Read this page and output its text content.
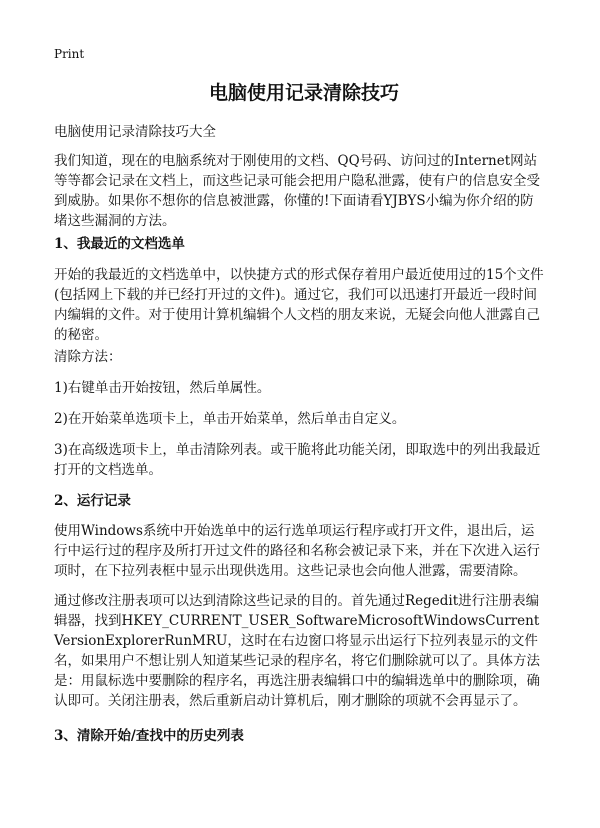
Print
电脑使用记录清除技巧
电脑使用记录清除技巧大全

我们知道，现在的电脑系统对于刚使用的文档、QQ号码、访问过的Internet网站等等都会记录在文档上，而这些记录可能会把用户隐私泄露，使有户的信息安全受到威胁。如果你不想你的信息被泄露，你懂的!下面请看YJBYS小编为你介绍的防堵这些漏洞的方法。

1、我最近的文档选单

开始的我最近的文档选单中，以快捷方式的形式保存着用户最近使用过的15个文件(包括网上下载的并已经打开过的文件)。通过它，我们可以迅速打开最近一段时间内编辑的文件。对于使用计算机编辑个人文档的朋友来说，无疑会向他人泄露自己的秘密。

清除方法：

1)右键单击开始按钮，然后单属性。

2)在开始菜单选项卡上，单击开始菜单，然后单击自定义。

3)在高级选项卡上，单击清除列表。或干脆将此功能关闭，即取选中的列出我最近打开的文档选单。

2、运行记录

使用Windows系统中开始选单中的运行选单项运行程序或打开文件，退出后，运行中运行过的程序及所打开过文件的路径和名称会被记录下来，并在下次进入运行项时，在下拉列表框中显示出现供选用。这些记录也会向他人泄露，需要清除。

通过修改注册表项可以达到清除这些记录的目的。首先通过Regedit进行注册表编辑器，找到HKEY_CURRENT_USER_SoftwareMicrosoftWindowsCurrentVersionExplorerRunMRU，这时在右边窗口将显示出运行下拉列表显示的文件名，如果用户不想让别人知道某些记录的程序名，将它们删除就可以了。具体方法是：用鼠标选中要删除的程序名，再选注册表编辑口中的编辑选单中的删除项，确认即可。关闭注册表，然后重新启动计算机后，刚才删除的项就不会再显示了。

3、清除开始/查找中的历史列表
